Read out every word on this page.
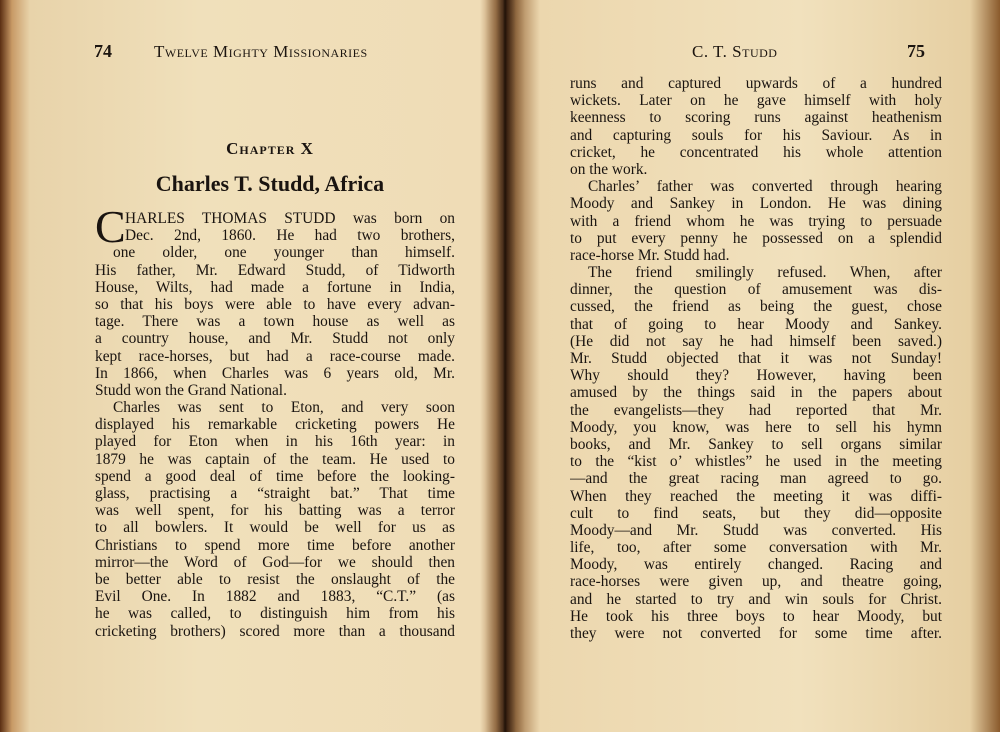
74 Twelve Mighty Missionaries
Chapter X
Charles T. Studd, Africa
C HARLES THOMAS STUDD was born on
Dec. 2nd, 1860. He had two brothers,
one older, one younger than himself.
His father, Mr. Edward Studd, of Tidworth
House, Wilts, had made a fortune in India,
so that his boys were able to have every advan-
tage. There was a town house as well as
a country house, and Mr. Studd not only
kept race-horses, but had a race-course made.
In 1866, when Charles was 6 years old, Mr.
Studd won the Grand National.
Charles was sent to Eton, and very soon
displayed his remarkable cricketing powers He
played for Eton when in his 16th year: in
1879 he was captain of the team. He used to
spend a good deal of time before the looking-
glass, practising a “straight bat.” That time
was well spent, for his batting was a terror
to all bowlers. It would be well for us as
Christians to spend more time before another
mirror—the Word of God—for we should then
be better able to resist the onslaught of the
Evil One. In 1882 and 1883, “C.T.” (as
he was called, to distinguish him from his
cricketing brothers) scored more than a thousand
C. T. Studd	75
runs and captured upwards of a hundred
wickets. Later on he gave himself with holy
keenness to scoring runs against heathenism
and capturing souls for his Saviour. As in
cricket, he concentrated his whole attention
on the work.
Charles’ father was converted through hearing
Moody and Sankey in London. He was dining
with a friend whom he was trying to persuade
to put every penny he possessed on a splendid
race-horse Mr. Studd had.
The friend smilingly refused. When, after
dinner, the question of amusement was dis-
cussed, the friend as being the guest, chose
that of going to hear Moody and Sankey.
(He did not say he had himself been saved.)
Mr. Studd objected that it was not Sunday!
Why should they? However, having been
amused by the things said in the papers about
the evangelists—they had reported that Mr.
Moody, you know, was here to sell his hymn
books, and Mr. Sankey to sell organs similar
to the “kist o’ whistles” he used in the meeting
—and the great racing man agreed to go.
When they reached the meeting it was diffi-
cult to find seats, but they did—opposite
Moody—and Mr. Studd was converted. His
life, too, after some conversation with Mr.
Moody, was entirely changed. Racing and
race-horses were given up, and theatre going,
and he started to try and win souls for Christ.
He took his three boys to hear Moody, but
they were not converted for some time after.
